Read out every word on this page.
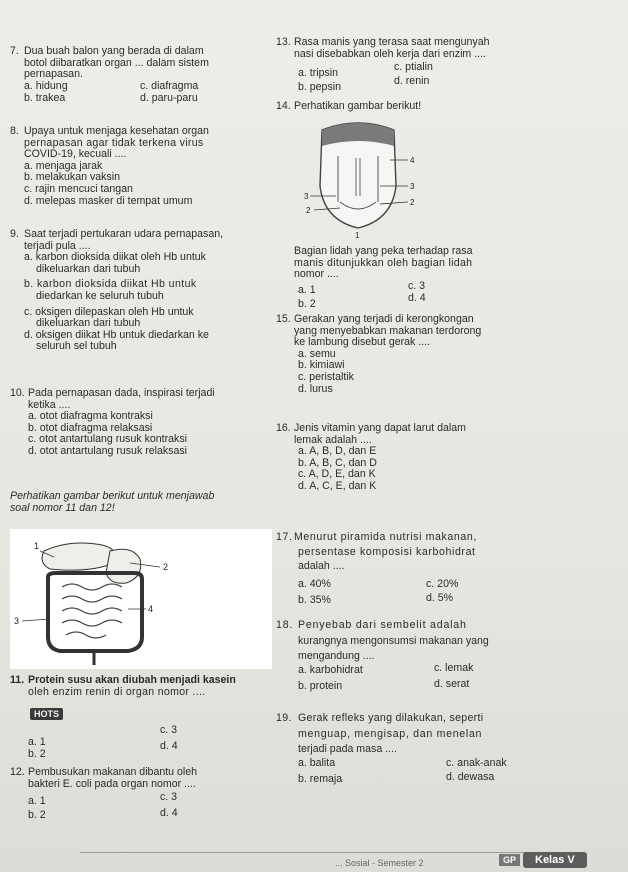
7. Dua buah balon yang berada di dalam
botol diibaratkan organ ... dalam sistem
pernapasan.
a. hidung	c. diafragma
b. trakea	d. paru-paru
8. Upaya untuk menjaga kesehatan organ
pernapasan agar tidak terkena virus
COVID-19, kecuali ....
a. menjaga jarak
b. melakukan vaksin
c. rajin mencuci tangan
d. melepas masker di tempat umum
9. Saat terjadi pertukaran udara pernapasan,
terjadi pula ....
a. karbon dioksida diikat oleh Hb untuk
dikeluarkan dari tubuh
b. karbon dioksida diikat Hb untuk
diedarkan ke seluruh tubuh
c. oksigen dilepaskan oleh Hb untuk
dikeluarkan dari tubuh
d. oksigen diikat Hb untuk diedarkan ke
seluruh sel tubuh
10. Pada pernapasan dada, inspirasi terjadi
ketika ....
a. otot diafragma kontraksi
b. otot diafragma relaksasi
c. otot antartulang rusuk kontraksi
d. otot antartulang rusuk relaksasi
Perhatikan gambar berikut untuk menjawab
soal nomor 11 dan 12!
1
2
3
4
11. Protein susu akan diubah menjadi kasein
oleh enzim renin di organ nomor ....
HOTS
a. 1
c. 3
b. 2
d. 4
12. Pembusukan makanan dibantu oleh
bakteri E. coli pada organ nomor ....
a. 1	c. 3
b. 2	d. 4
13. Rasa manis yang terasa saat mengunyah
nasi disebabkan oleh kerja dari enzim ....
a. tripsin	c. ptialin
b. pepsin	d. renin
14. Perhatikan gambar berikut!
4
3
3
2
2
1
Bagian lidah yang peka terhadap rasa
manis ditunjukkan oleh bagian lidah
nomor ....
a. 1	c. 3
b. 2	d. 4
15. Gerakan yang terjadi di kerongkongan
yang menyebabkan makanan terdorong
ke lambung disebut gerak ....
a. semu
b. kimiawi
c. peristaltik
d. lurus
16. Jenis vitamin yang dapat larut dalam
lemak adalah ....
a. A, B, D, dan E
b. A, B, C, dan D
c. A, D, E, dan K
d. A, C, E, dan K
17.Menurut piramida nutrisi makanan,
persentase komposisi karbohidrat
adalah ....
a. 40%	c. 20%
b. 35%	d. 5%
18. Penyebab dari sembelit adalah
kurangnya mengonsumsi makanan yang
mengandung ....
a. karbohidrat	c. lemak
b. protein	d. serat
19. Gerak refleks yang dilakukan, seperti
menguap, mengisap, dan menelan
terjadi pada masa ....
a. balita	c. anak-anak
b. remaja	d. dewasa
... Sosial - Semester 2	GP	Kelas V
